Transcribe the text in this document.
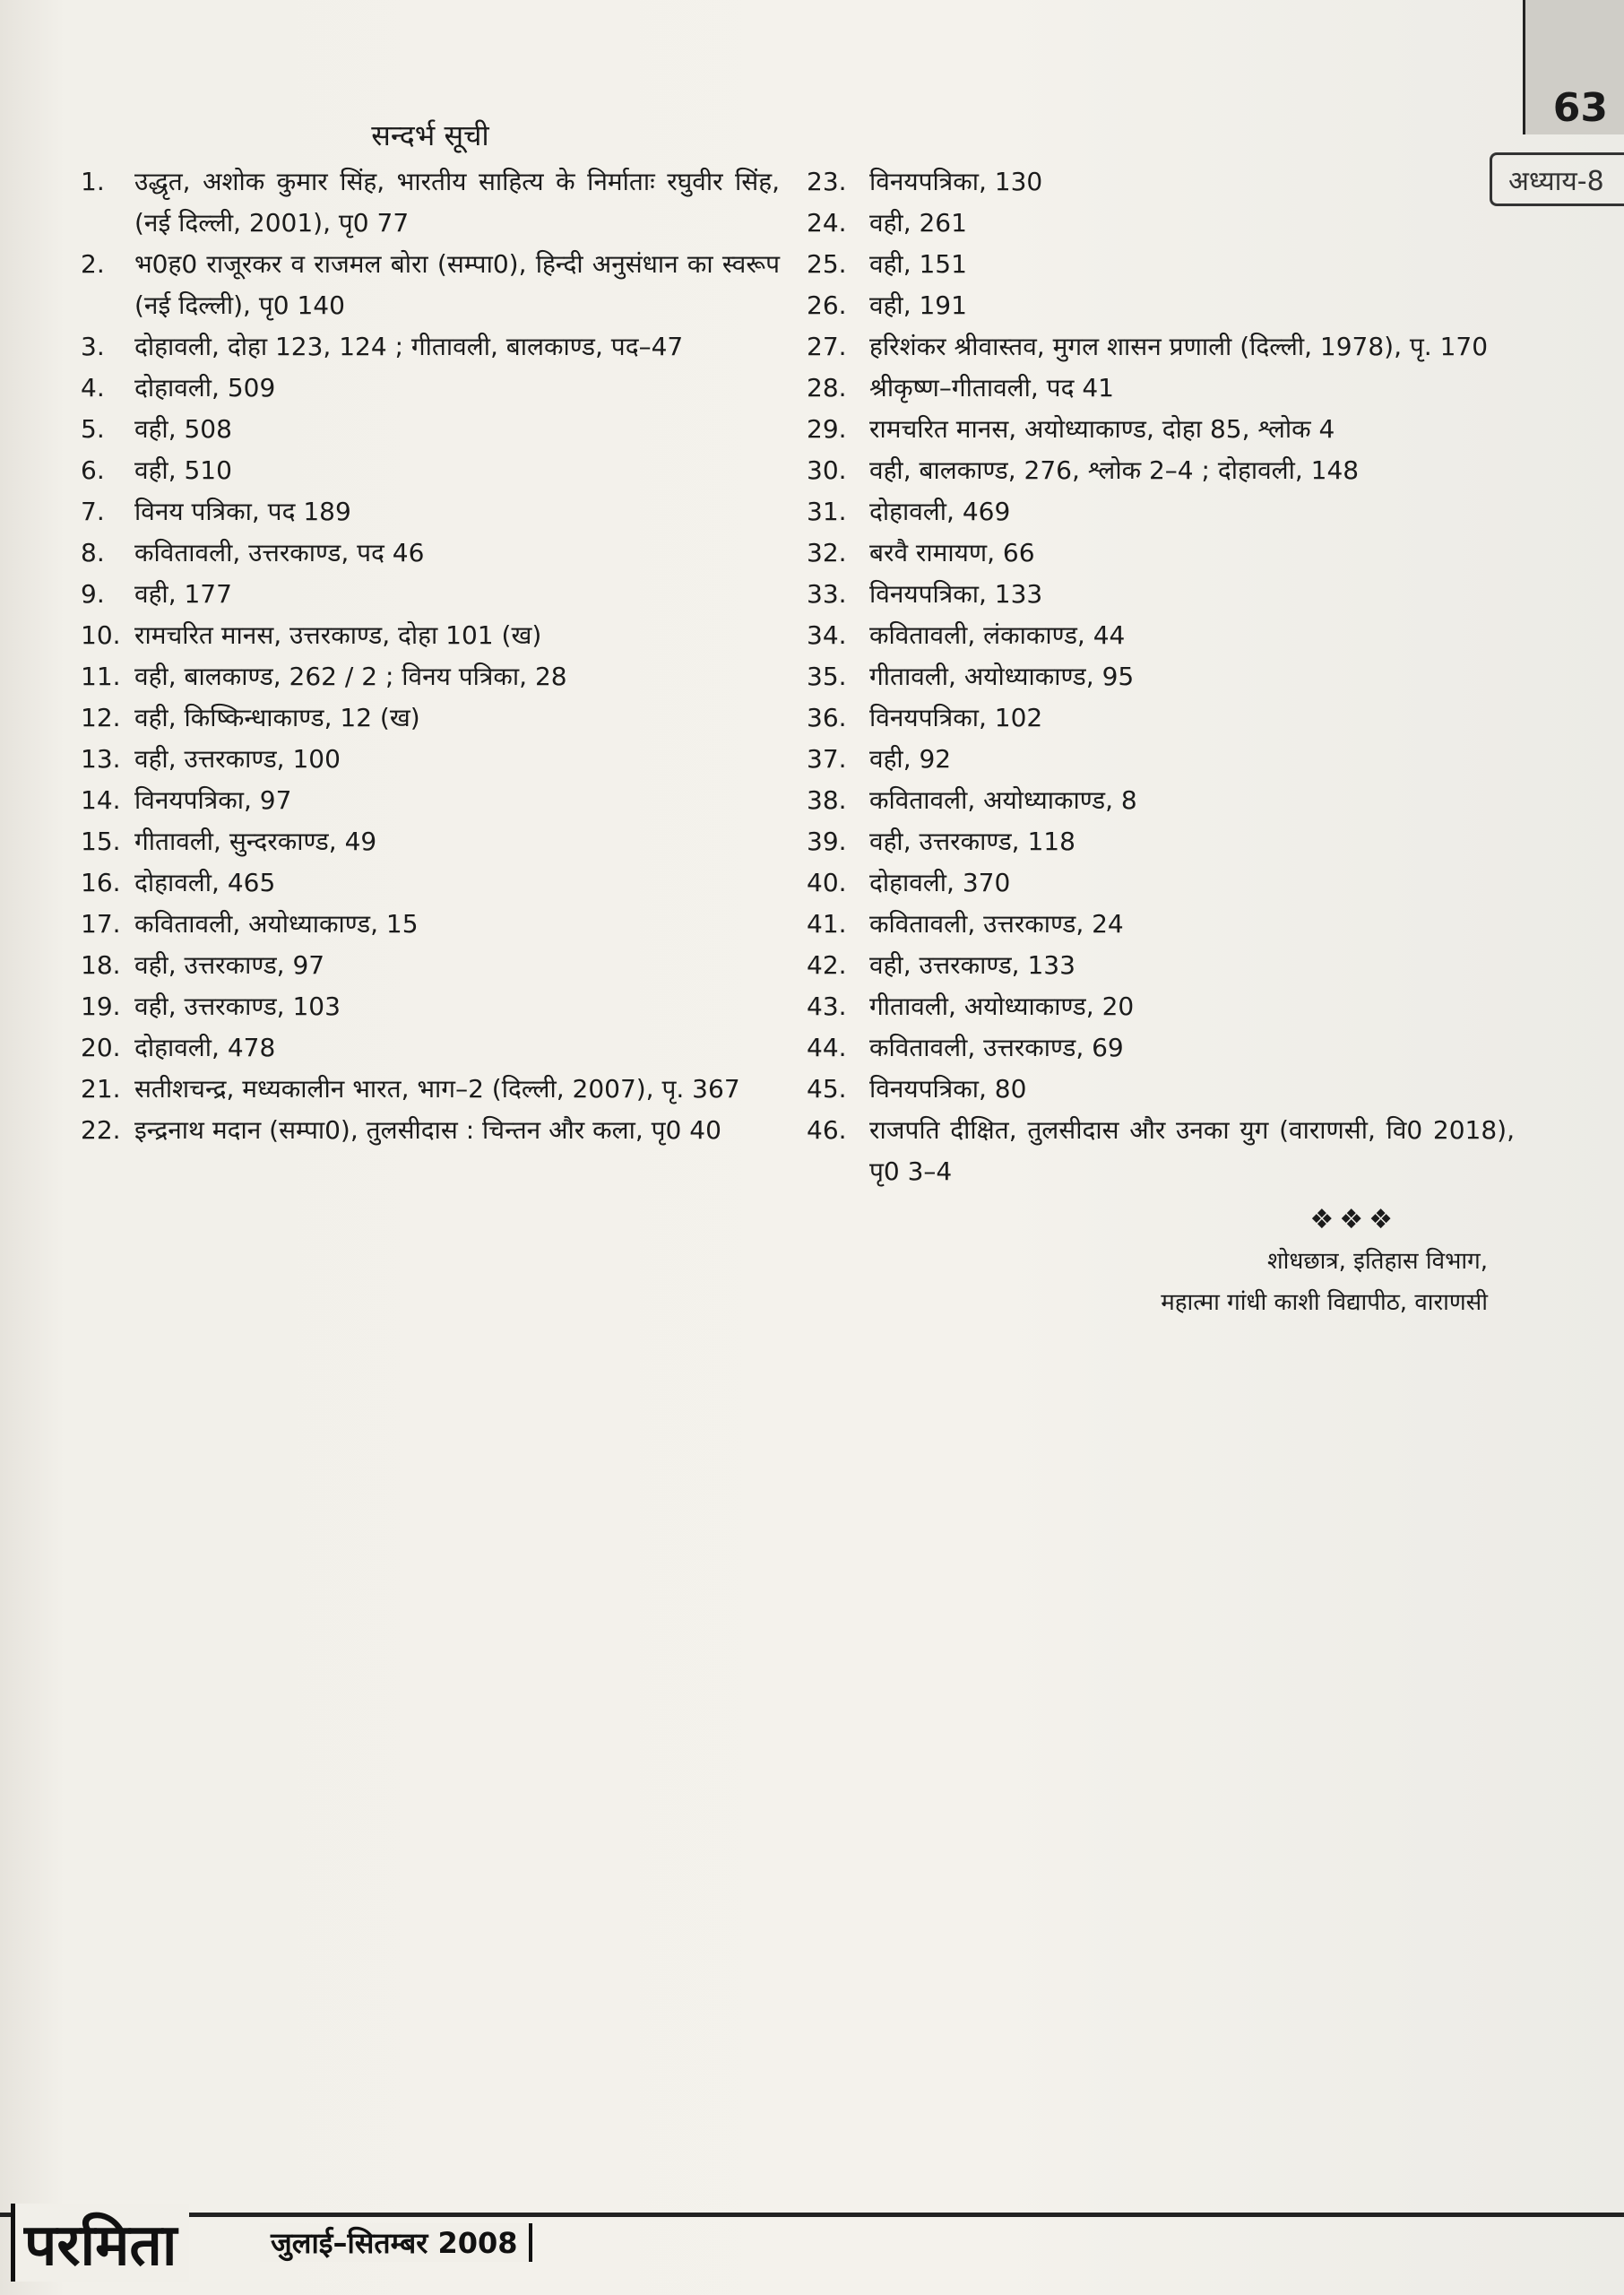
63
अध्याय-8
सन्दर्भ सूची
1.	उद्धृत, अशोक कुमार सिंह, भारतीय साहित्य के निर्माताः रघुवीर सिंह, (नई दिल्ली, 2001), पृ0 77
2.	भ0ह0 राजूरकर व राजमल बोरा (सम्पा0), हिन्दी अनुसंधान का स्वरूप (नई दिल्ली), पृ0 140
3.	दोहावली, दोहा 123, 124 ; गीतावली, बालकाण्ड, पद–47
4.	दोहावली, 509
5.	वही, 508
6.	वही, 510
7.	विनय पत्रिका, पद 189
8.	कवितावली, उत्तरकाण्ड, पद 46
9.	वही, 177
10. रामचरित मानस, उत्तरकाण्ड, दोहा 101 (ख)
11. वही, बालकाण्ड, 262 / 2 ; विनय पत्रिका, 28
12. वही, किष्किन्धाकाण्ड, 12 (ख)
13. वही, उत्तरकाण्ड, 100
14. विनयपत्रिका, 97
15. गीतावली, सुन्दरकाण्ड, 49
16. दोहावली, 465
17. कवितावली, अयोध्याकाण्ड, 15
18. वही, उत्तरकाण्ड, 97
19. वही, उत्तरकाण्ड, 103
20. दोहावली, 478
21. सतीशचन्द्र, मध्यकालीन भारत, भाग–2 (दिल्ली, 2007), पृ. 367
22. इन्द्रनाथ मदान (सम्पा0), तुलसीदास : चिन्तन और कला, पृ0 40
23. विनयपत्रिका, 130
24. वही, 261
25. वही, 151
26. वही, 191
27. हरिशंकर श्रीवास्तव, मुगल शासन प्रणाली (दिल्ली, 1978), पृ. 170
28. श्रीकृष्ण–गीतावली, पद 41
29. रामचरित मानस, अयोध्याकाण्ड, दोहा 85, श्लोक 4
30. वही, बालकाण्ड, 276, श्लोक 2–4 ; दोहावली, 148
31. दोहावली, 469
32. बरवै रामायण, 66
33. विनयपत्रिका, 133
34. कवितावली, लंकाकाण्ड, 44
35. गीतावली, अयोध्याकाण्ड, 95
36. विनयपत्रिका, 102
37. वही, 92
38. कवितावली, अयोध्याकाण्ड, 8
39. वही, उत्तरकाण्ड, 118
40. दोहावली, 370
41. कवितावली, उत्तरकाण्ड, 24
42. वही, उत्तरकाण्ड, 133
43. गीतावली, अयोध्याकाण्ड, 20
44. कवितावली, उत्तरकाण्ड, 69
45. विनयपत्रिका, 80
46. राजपति दीक्षित, तुलसीदास और उनका युग (वाराणसी, वि0 2018), पृ0 3–4
❖❖❖
शोधछात्र, इतिहास विभाग,
महात्मा गांधी काशी विद्यापीठ, वाराणसी
परमिता	जुलाई–सितम्बर 2008
